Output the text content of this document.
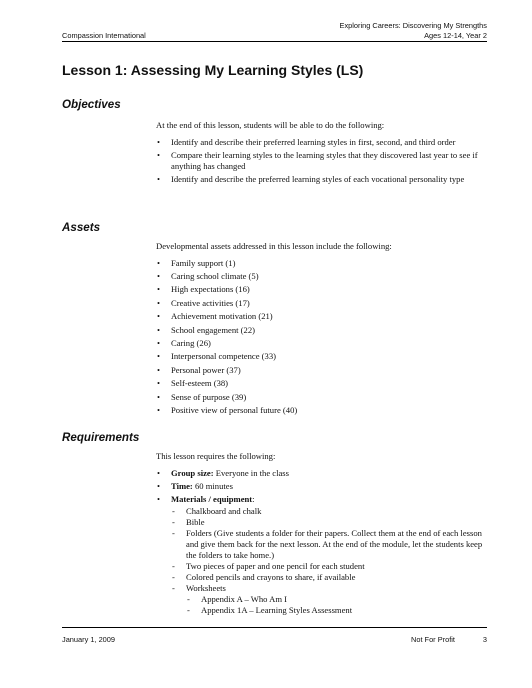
Compassion International
Exploring Careers: Discovering My Strengths
Ages 12-14, Year 2
Lesson 1: Assessing My Learning Styles (LS)
Objectives

At the end of this lesson, students will be able to do the following:

• Identify and describe their preferred learning styles in first, second, and third order
• Compare their learning styles to the learning styles that they discovered last year to see if anything has changed
• Identify and describe the preferred learning styles of each vocational personality type
Assets

Developmental assets addressed in this lesson include the following:

• Family support (1)
• Caring school climate (5)
• High expectations (16)
• Creative activities (17)
• Achievement motivation (21)
• School engagement (22)
• Caring (26)
• Interpersonal competence (33)
• Personal power (37)
• Self-esteem (38)
• Sense of purpose (39)
• Positive view of personal future (40)
Requirements

This lesson requires the following:

• Group size: Everyone in the class
• Time: 60 minutes
• Materials / equipment:
- Chalkboard and chalk
- Bible
- Folders (Give students a folder for their papers. Collect them at the end of each lesson and give them back for the next lesson. At the end of the module, let the students keep the folders to take home.)
- Two pieces of paper and one pencil for each student
- Colored pencils and crayons to share, if available
- Worksheets
- Appendix A – Who Am I
- Appendix 1A – Learning Styles Assessment
January 1, 2009	Not For Profit	3
